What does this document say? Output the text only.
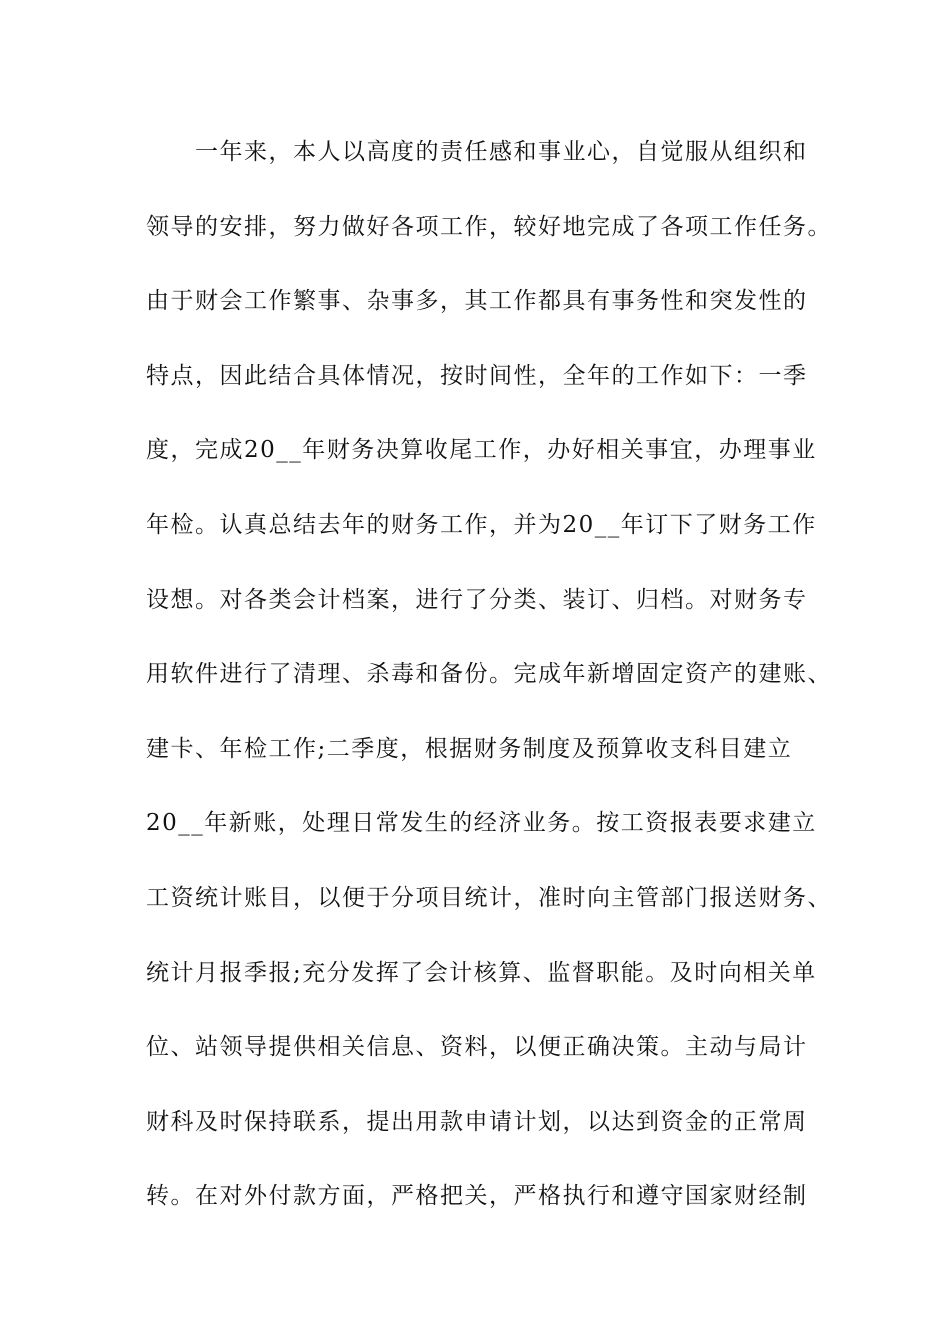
　　一年来，本人以高度的责任感和事业心，自觉服从组织和
领导的安排，努力做好各项工作，较好地完成了各项工作任务。
由于财会工作繁事、杂事多，其工作都具有事务性和突发性的
特点，因此结合具体情况，按时间性，全年的工作如下：一季
度，完成20__年财务决算收尾工作，办好相关事宜，办理事业
年检。认真总结去年的财务工作，并为20__年订下了财务工作
设想。对各类会计档案，进行了分类、装订、归档。对财务专
用软件进行了清理、杀毒和备份。完成年新增固定资产的建账、
建卡、年检工作;二季度，根据财务制度及预算收支科目建立
20__年新账，处理日常发生的经济业务。按工资报表要求建立
工资统计账目，以便于分项目统计，准时向主管部门报送财务、
统计月报季报;充分发挥了会计核算、监督职能。及时向相关单
位、站领导提供相关信息、资料，以便正确决策。主动与局计
财科及时保持联系，提出用款申请计划，以达到资金的正常周
转。在对外付款方面，严格把关，严格执行和遵守国家财经制
